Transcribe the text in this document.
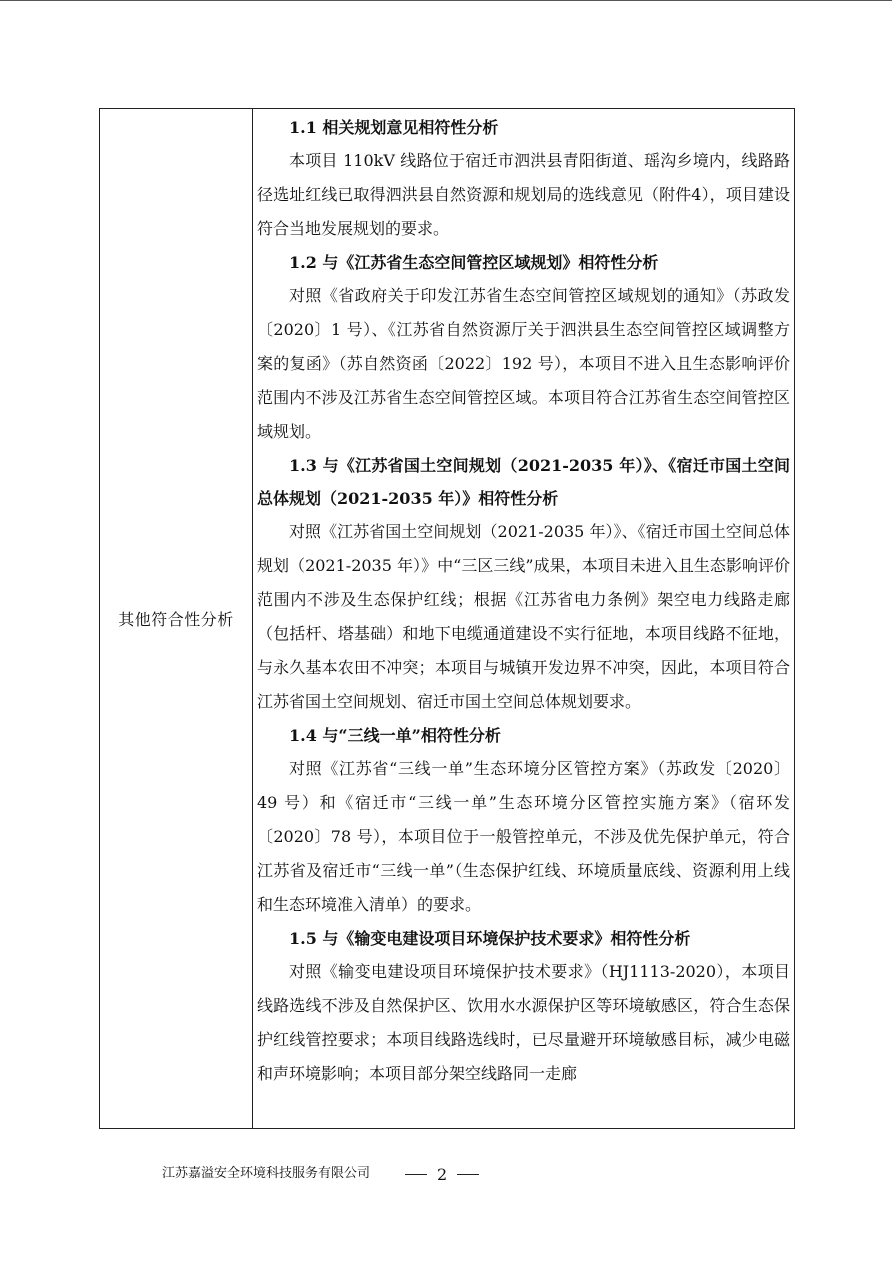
其他符合性分析

1.1 相关规划意见相符性分析

本项目 110kV 线路位于宿迁市泗洪县青阳街道、瑶沟乡境内，线路路径选址红线已取得泗洪县自然资源和规划局的选线意见（附件4），项目建设符合当地发展规划的要求。

1.2 与《江苏省生态空间管控区域规划》相符性分析

对照《省政府关于印发江苏省生态空间管控区域规划的通知》（苏政发〔2020〕1 号）、《江苏省自然资源厅关于泗洪县生态空间管控区域调整方案的复函》（苏自然资函〔2022〕192 号），本项目不进入且生态影响评价范围内不涉及江苏省生态空间管控区域。本项目符合江苏省生态空间管控区域规划。

1.3 与《江苏省国土空间规划（2021-2035 年）》、《宿迁市国土空间总体规划（2021-2035 年）》相符性分析

对照《江苏省国土空间规划（2021-2035 年）》、《宿迁市国土空间总体规划（2021-2035 年）》中“三区三线”成果，本项目未进入且生态影响评价范围内不涉及生态保护红线；根据《江苏省电力条例》架空电力线路走廊（包括杆、塔基础）和地下电缆通道建设不实行征地，本项目线路不征地，与永久基本农田不冲突；本项目与城镇开发边界不冲突，因此，本项目符合江苏省国土空间规划、宿迁市国土空间总体规划要求。

1.4 与“三线一单”相符性分析

对照《江苏省“三线一单”生态环境分区管控方案》（苏政发〔2020〕49 号）和《宿迁市“三线一单”生态环境分区管控实施方案》（宿环发〔2020〕78 号），本项目位于一般管控单元，不涉及优先保护单元，符合江苏省及宿迁市“三线一单”（生态保护红线、环境质量底线、资源利用上线和生态环境准入清单）的要求。

1.5 与《输变电建设项目环境保护技术要求》相符性分析

对照《输变电建设项目环境保护技术要求》（HJ1113-2020），本项目线路选线不涉及自然保护区、饮用水水源保护区等环境敏感区，符合生态保护红线管控要求；本项目线路选线时，已尽量避开环境敏感目标，减少电磁和声环境影响；本项目部分架空线路同一走廊

江苏嘉溢安全环境科技服务有限公司	2
